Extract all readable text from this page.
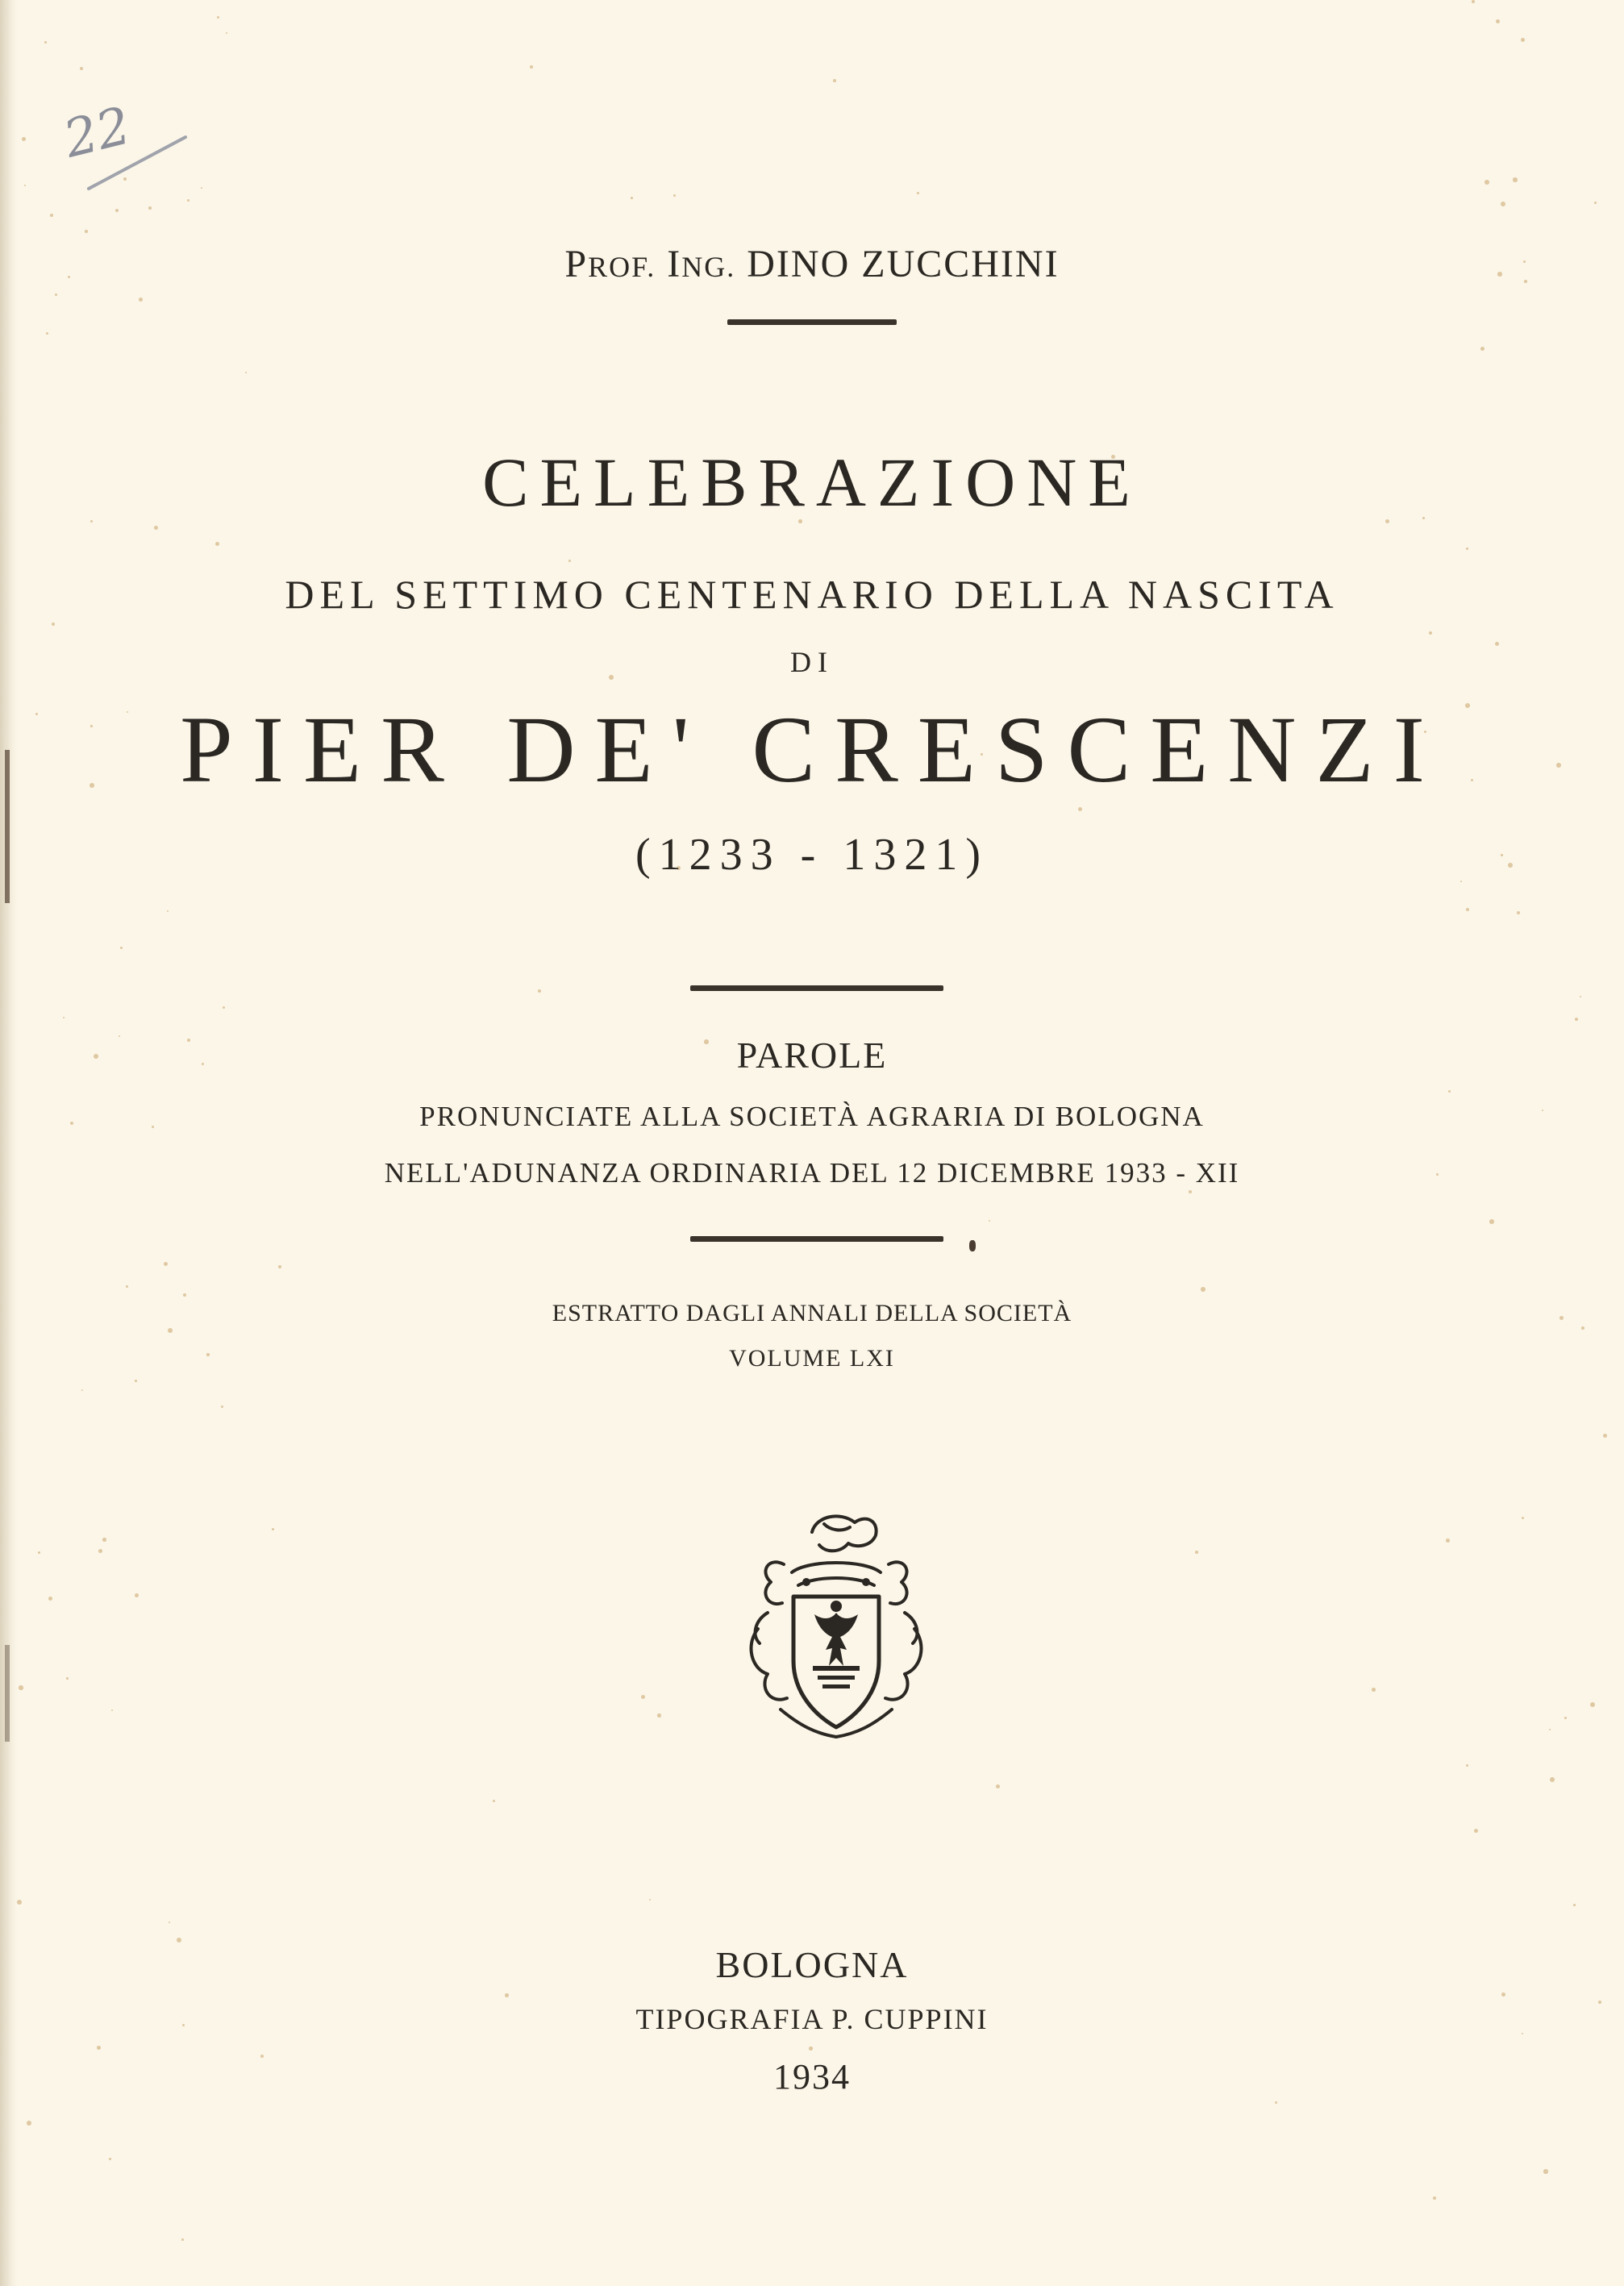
22
PROF. ING. DINO ZUCCHINI
CELEBRAZIONE
DEL SETTIMO CENTENARIO DELLA NASCITA
DI
PIER DE' CRESCENZI
(1233 - 1321)
PAROLE
PRONUNCIATE ALLA SOCIETÀ AGRARIA DI BOLOGNA
NELL'ADUNANZA ORDINARIA DEL 12 DICEMBRE 1933 - XII
ESTRATTO DAGLI ANNALI DELLA SOCIETÀ
VOLUME LXI
BOLOGNA
TIPOGRAFIA P. CUPPINI
1934
